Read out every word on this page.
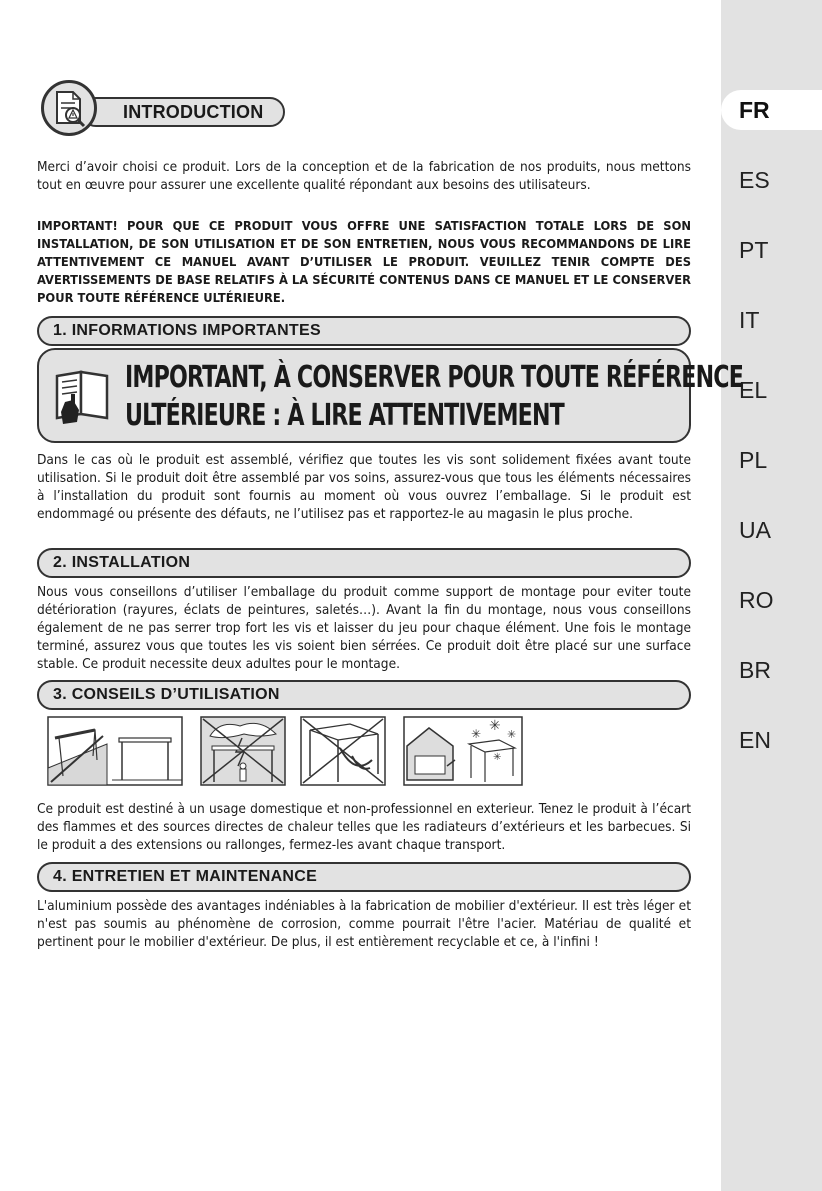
FR
ES
PT
IT
EL
PL
UA
RO
BR
EN
INTRODUCTION

Merci d’avoir choisi ce produit. Lors de la conception et de la fabrication de nos produits, nous mettons tout en œuvre pour assurer une excellente qualité répondant aux besoins des utilisateurs.

IMPORTANT! POUR QUE CE PRODUIT VOUS OFFRE UNE SATISFACTION TOTALE LORS DE SON INSTALLATION, DE SON UTILISATION ET DE SON ENTRETIEN, NOUS VOUS RECOMMANDONS DE LIRE ATTENTIVEMENT CE MANUEL AVANT D’UTILISER LE PRODUIT. VEUILLEZ TENIR COMPTE DES AVERTISSEMENTS DE BASE RELATIFS À LA SÉCURITÉ CONTENUS DANS CE MANUEL ET LE CONSERVER POUR TOUTE RÉFÉRENCE ULTÉRIEURE.

1. INFORMATIONS IMPORTANTES
IMPORTANT, À CONSERVER POUR TOUTE RÉFÉRENCE
ULTÉRIEURE : À LIRE ATTENTIVEMENT

Dans le cas où le produit est assemblé, vérifiez que toutes les vis sont solidement fixées avant toute utilisation. Si le produit doit être assemblé par vos soins, assurez-vous que tous les éléments nécessaires à l’installation du produit sont fournis au moment où vous ouvrez l’emballage. Si le produit est endommagé ou présente des défauts, ne l’utilisez pas et rapportez-le au magasin le plus proche.

2. INSTALLATION

Nous vous conseillons d’utiliser l’emballage du produit comme support de montage pour eviter toute détérioration (rayures, éclats de peintures, saletés…). Avant la fin du montage, nous vous conseillons également de ne pas serrer trop fort les vis et laisser du jeu pour chaque élément. Une fois le montage terminé, assurez vous que toutes les vis soient bien sérrées. Ce produit doit être placé sur une surface stable. Ce produit necessite deux adultes pour le montage.

3. CONSEILS D’UTILISATION
✳ ✳
✳
✳

Ce produit est destiné à un usage domestique et non-professionnel en exterieur. Tenez le produit à l’écart des flammes et des sources directes de chaleur telles que les radiateurs d’extérieurs et les barbecues. Si le produit a des extensions ou rallonges, fermez-les avant chaque transport.

4. ENTRETIEN ET MAINTENANCE

L'aluminium possède des avantages indéniables à la fabrication de mobilier d'extérieur. Il est très léger et n'est pas soumis au phénomène de corrosion, comme pourrait l'être l'acier. Matériau de qualité et pertinent pour le mobilier d'extérieur. De plus, il est entièrement recyclable et ce, à l'infini !
